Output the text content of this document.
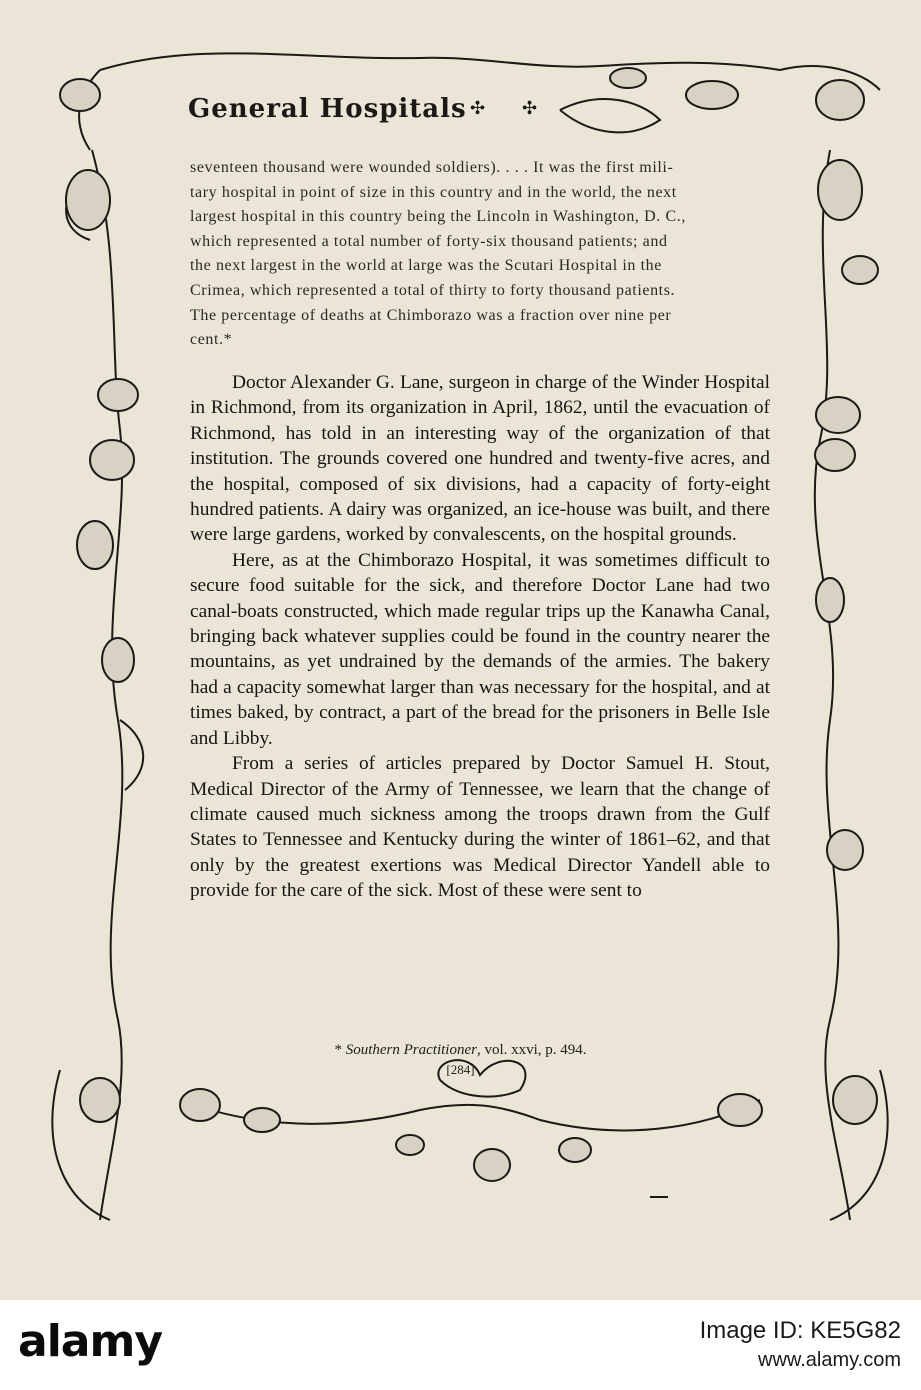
General Hospitals ✣ ✣

seventeen thousand were wounded soldiers). . . . It was the first mili-

tary hospital in point of size in this country and in the world, the next

largest hospital in this country being the Lincoln in Washington, D. C.,

which represented a total number of forty-six thousand patients; and

the next largest in the world at large was the Scutari Hospital in the

Crimea, which represented a total of thirty to forty thousand patients.

The percentage of deaths at Chimborazo was a fraction over nine per

cent.*

Doctor Alexander G. Lane, surgeon in charge of the Winder Hospital in Richmond, from its organization in April, 1862, until the evacuation of Richmond, has told in an interesting way of the organization of that institution. The grounds covered one hundred and twenty-five acres, and the hospital, composed of six divisions, had a capacity of forty-eight hundred patients. A dairy was organized, an ice-house was built, and there were large gardens, worked by convalescents, on the hospital grounds.

Here, as at the Chimborazo Hospital, it was sometimes difficult to secure food suitable for the sick, and therefore Doctor Lane had two canal-boats constructed, which made regular trips up the Kanawha Canal, bringing back whatever supplies could be found in the country nearer the mountains, as yet undrained by the demands of the armies. The bakery had a capacity somewhat larger than was necessary for the hospital, and at times baked, by contract, a part of the bread for the prisoners in Belle Isle and Libby.

From a series of articles prepared by Doctor Samuel H. Stout, Medical Director of the Army of Tennessee, we learn that the change of climate caused much sickness among the troops drawn from the Gulf States to Tennessee and Kentucky during the winter of 1861–62, and that only by the greatest exertions was Medical Director Yandell able to provide for the care of the sick. Most of these were sent to

* Southern Practitioner, vol. xxvi, p. 494.
[284]
alamy	Image ID: KE5G82
www.alamy.com
